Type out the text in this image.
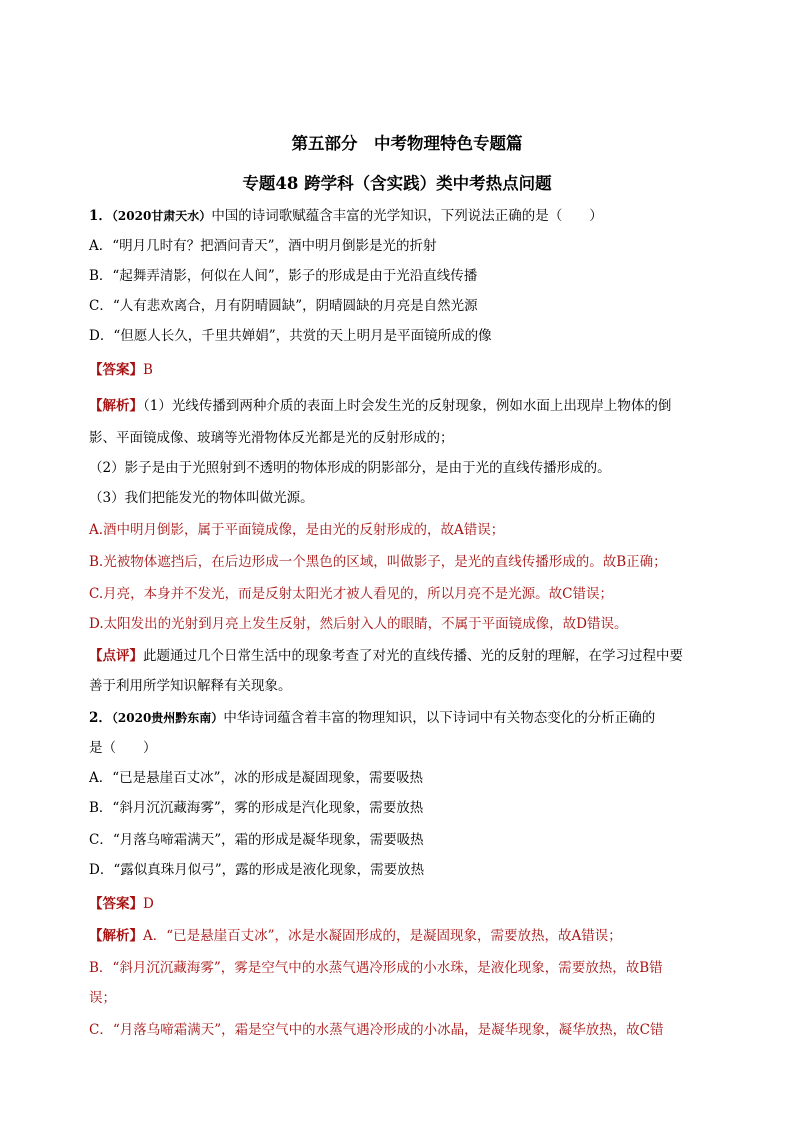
第五部分　中考物理特色专题篇
专题48 跨学科（含实践）类中考热点问题
1．（2020甘肃天水）中国的诗词歌赋蕴含丰富的光学知识，下列说法正确的是（　　）
A．“明月几时有？把酒问青天”，酒中明月倒影是光的折射
B．“起舞弄清影，何似在人间”，影子的形成是由于光沿直线传播
C．“人有悲欢离合，月有阴晴圆缺”，阴晴圆缺的月亮是自然光源
D．“但愿人长久，千里共婵娟”，共赏的天上明月是平面镜所成的像
【答案】B
【解析】（1）光线传播到两种介质的表面上时会发生光的反射现象，例如水面上出现岸上物体的倒
影、平面镜成像、玻璃等光滑物体反光都是光的反射形成的；
（2）影子是由于光照射到不透明的物体形成的阴影部分，是由于光的直线传播形成的。
（3）我们把能发光的物体叫做光源。
A.酒中明月倒影，属于平面镜成像，是由光的反射形成的，故A错误；
B.光被物体遮挡后，在后边形成一个黑色的区域，叫做影子，是光的直线传播形成的。故B正确；
C.月亮，本身并不发光，而是反射太阳光才被人看见的，所以月亮不是光源。故C错误；
D.太阳发出的光射到月亮上发生反射，然后射入人的眼睛，不属于平面镜成像，故D错误。
【点评】此题通过几个日常生活中的现象考查了对光的直线传播、光的反射的理解，在学习过程中要
善于利用所学知识解释有关现象。
2．（2020贵州黔东南）中华诗词蕴含着丰富的物理知识，以下诗词中有关物态变化的分析正确的
是（　　）
A．“已是悬崖百丈冰”，冰的形成是凝固现象，需要吸热
B．“斜月沉沉藏海雾”，雾的形成是汽化现象，需要放热
C．“月落乌啼霜满天”，霜的形成是凝华现象，需要吸热
D．“露似真珠月似弓”，露的形成是液化现象，需要放热
【答案】D
【解析】A．“已是悬崖百丈冰”，冰是水凝固形成的，是凝固现象，需要放热，故A错误；
B．“斜月沉沉藏海雾”，雾是空气中的水蒸气遇冷形成的小水珠，是液化现象，需要放热，故B错
误；
C．“月落乌啼霜满天”，霜是空气中的水蒸气遇冷形成的小冰晶，是凝华现象，凝华放热，故C错
